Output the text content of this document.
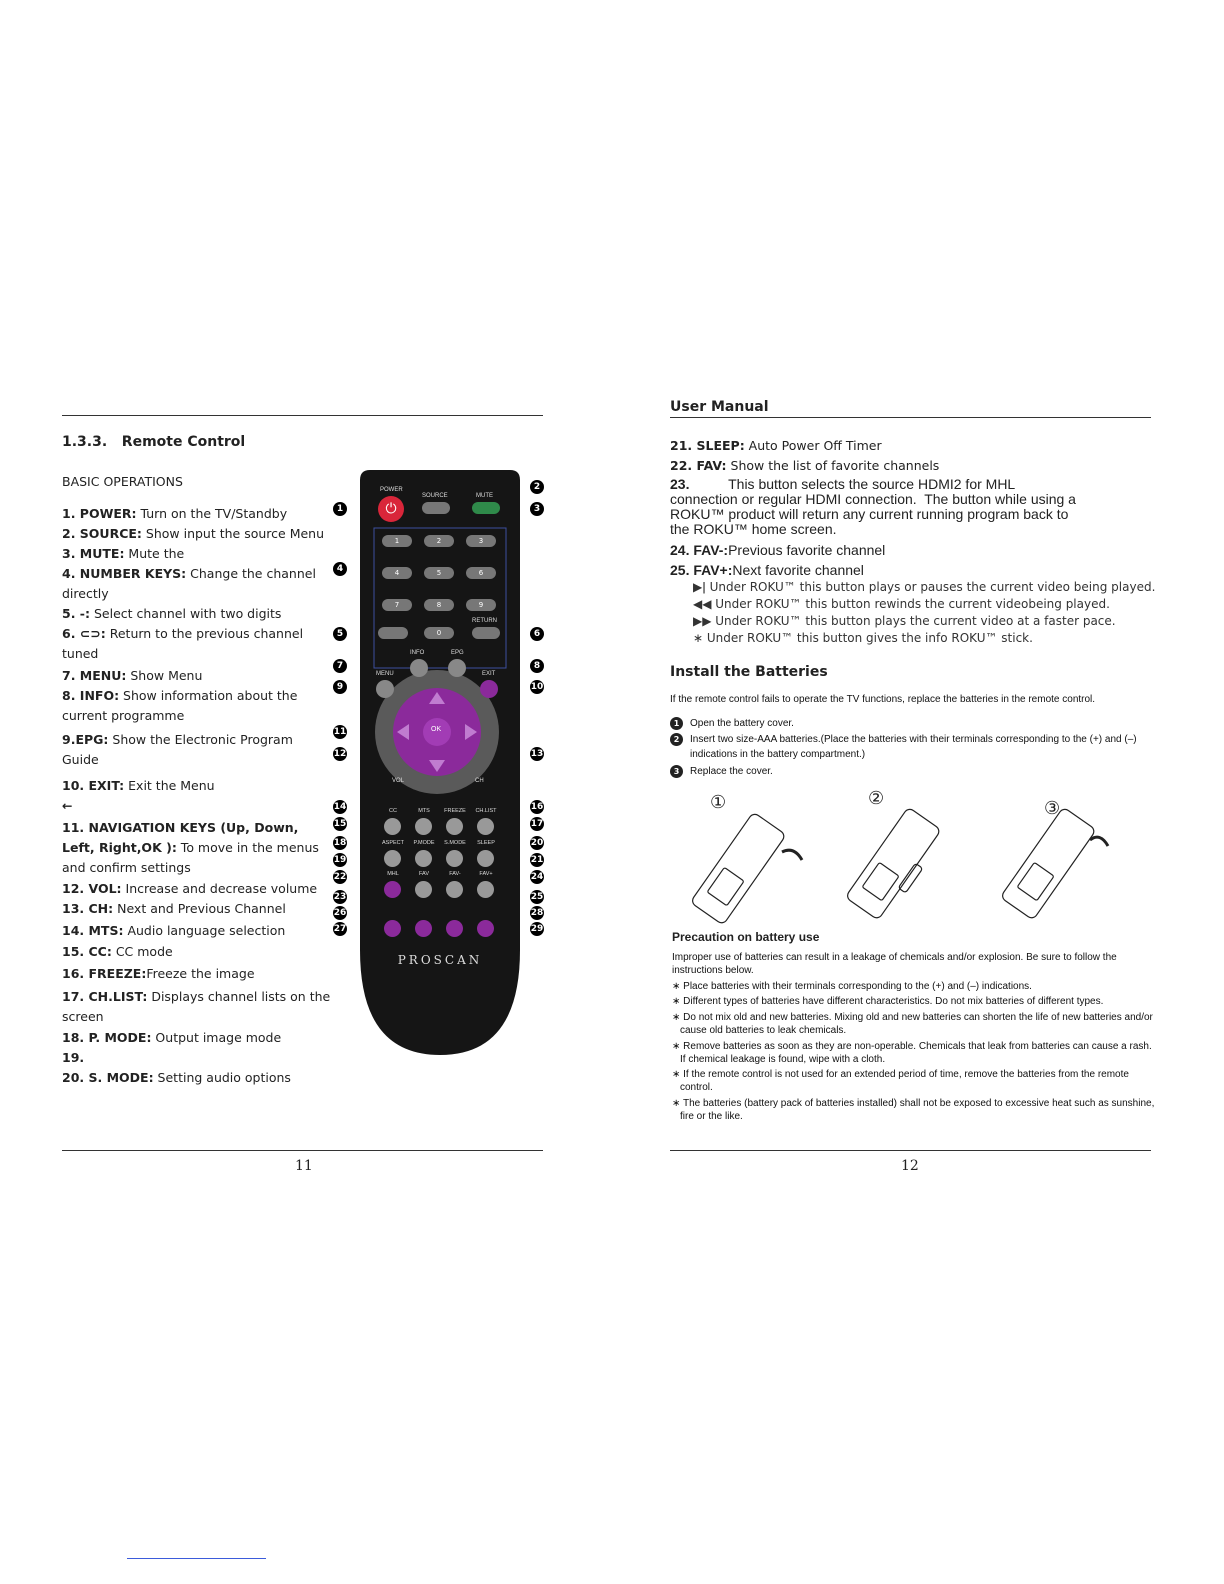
1.3.3.   Remote Control
BASIC OPERATIONS
1. POWER: Turn on the TV/Standby
2. SOURCE: Show input the source Menu
3. MUTE: Mute the
4. NUMBER KEYS: Change the channel directly
5. -: Select channel with two digits
6. ⊂⊃: Return to the previous channel tuned
7. MENU: Show Menu
8. INFO: Show information about the current programme
9.EPG: Show the Electronic Program Guide
10. EXIT: Exit the Menu
←
11. NAVIGATION KEYS (Up, Down, Left, Right,OK ): To move in the menus and confirm settings
12. VOL: Increase and decrease volume
13. CH: Next and Previous Channel
14. MTS: Audio language selection
15. CC: CC mode
16. FREEZE:Freeze the image
17. CH.LIST: Displays channel lists on the screen
18. P. MODE: Output image mode
19.
20. S. MODE: Setting audio options
POWER
⏻
SOURCE	MUTE
1	2	3
4	5	6
7	8	9
0
RETURN
INFO	EPG
MENU	EXIT
OK
VOL	CH
CC	MTS	FREEZE	CH.LIST
ASPECT	P.MODE	S.MODE	SLEEP
MHL	FAV	FAV-	FAV+
PROSCAN
1
2
3
4
5	6
7	8
9	10
11
12	13
14
15
16
17
18
19
20
21
22
23
24
25
26
27
28
29
11
User Manual
21. SLEEP: Auto Power Off Timer
22. FAV: Show the list of favorite channels
23.          This button selects the source HDMI2 for MHL connection or regular HDMI connection.  The button while using a ROKU™ product will return any current running program back to the ROKU™ home screen.
24. FAV-:Previous favorite channel
25. FAV+:Next favorite channel
▶ǀ Under ROKU™ this button plays or pauses the current video being played.
◀◀ Under ROKU™ this button rewinds the current videobeing played.
▶▶ Under ROKU™ this button plays the current video at a faster pace.
∗ Under ROKU™ this button gives the info ROKU™ stick.
Install the Batteries
If the remote control fails to operate the TV functions, replace the batteries in the remote control.
1	Open the battery cover.
2	Insert two size-AAA batteries.(Place the batteries with their terminals corresponding to the (+) and (–) indications in the battery compartment.)
3	Replace the cover.
①	②	③
Precaution on battery use
Improper use of batteries can result in a leakage of chemicals and/or explosion. Be sure to follow the instructions below.
∗ Place batteries with their terminals corresponding to the (+) and (–) indications.
∗ Different types of batteries have different characteristics. Do not mix batteries of different types.
∗ Do not mix old and new batteries. Mixing old and new batteries can shorten the life of new batteries and/or cause old batteries to leak chemicals.
∗ Remove batteries as soon as they are non-operable. Chemicals that leak from batteries can cause a rash. If chemical leakage is found, wipe with a cloth.
∗ If the remote control is not used for an extended period of time, remove the batteries from the remote control.
∗ The batteries (battery pack of batteries installed) shall not be exposed to excessive heat such as sunshine, fire or the like.
12
